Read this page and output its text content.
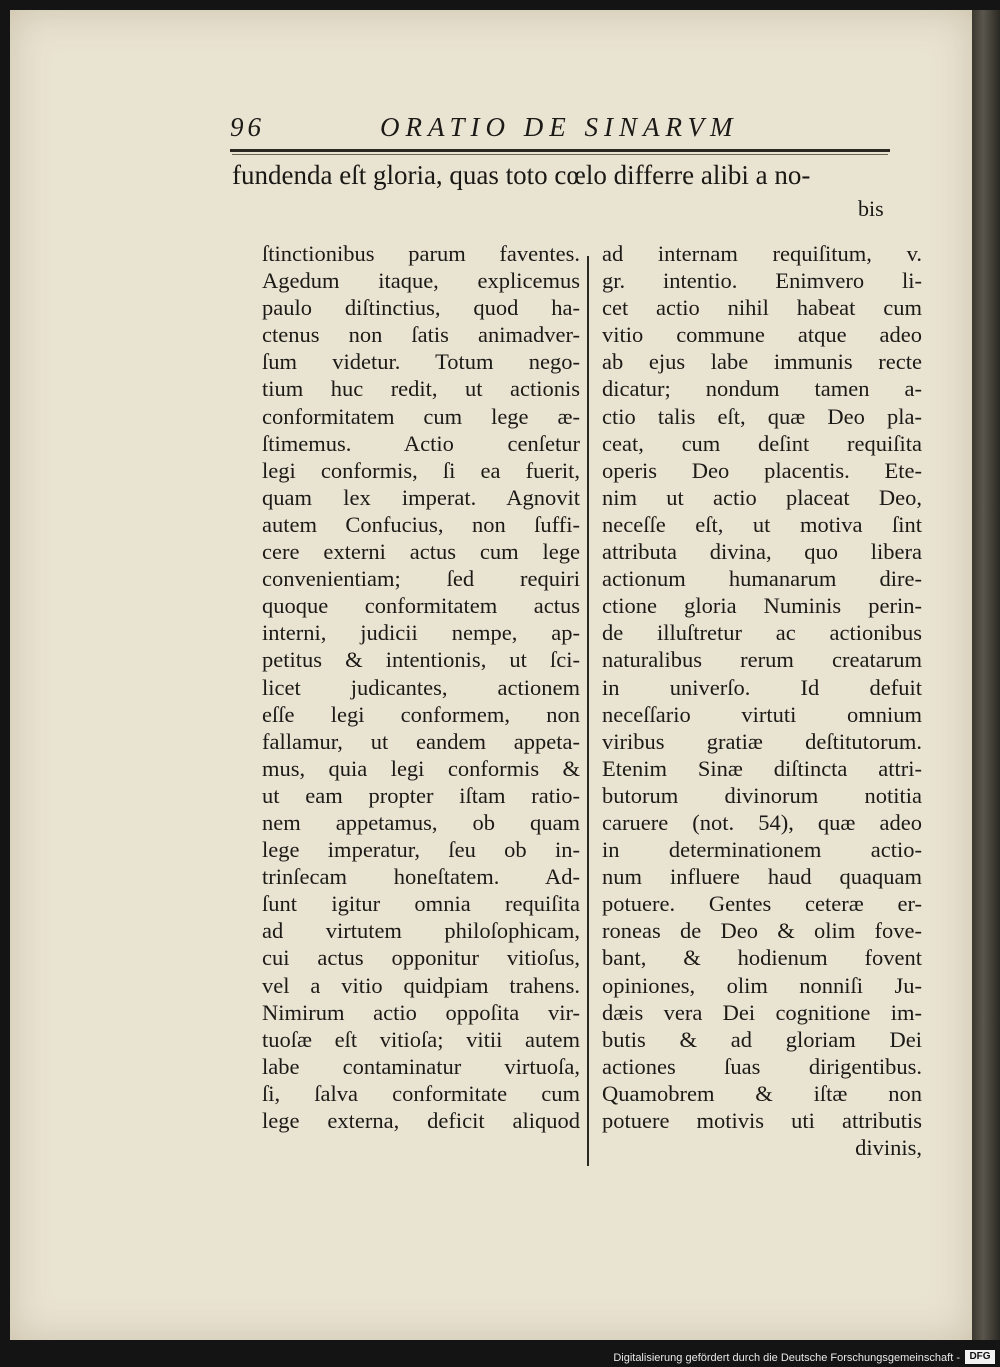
96	ORATIO DE SINARVM
fundenda eſt gloria, quas toto cœlo differre alibi a no-
bis
ſtinctionibus parum faventes.
Agedum itaque, explicemus
paulo diſtinctius, quod ha-
ctenus non ſatis animadver-
ſum videtur. Totum nego-
tium huc redit, ut actionis
conformitatem cum lege æ-
ſtimemus. Actio cenſetur
legi conformis, ſi ea fuerit,
quam lex imperat. Agnovit
autem Confucius, non ſuffi-
cere externi actus cum lege
convenientiam; ſed requiri
quoque conformitatem actus
interni, judicii nempe, ap-
petitus & intentionis, ut ſci-
licet judicantes, actionem
eſſe legi conformem, non
fallamur, ut eandem appeta-
mus, quia legi conformis &
ut eam propter iſtam ratio-
nem appetamus, ob quam
lege imperatur, ſeu ob in-
trinſecam honeſtatem. Ad-
ſunt igitur omnia requiſita
ad virtutem philoſophicam,
cui actus opponitur vitioſus,
vel a vitio quidpiam trahens.
Nimirum actio oppoſita vir-
tuoſæ eſt vitioſa; vitii autem
labe contaminatur virtuoſa,
ſi, ſalva conformitate cum
lege externa, deficit aliquod
ad internam requiſitum, v.
gr. intentio. Enimvero li-
cet actio nihil habeat cum
vitio commune atque adeo
ab ejus labe immunis recte
dicatur; nondum tamen a-
ctio talis eſt, quæ Deo pla-
ceat, cum deſint requiſita
operis Deo placentis. Ete-
nim ut actio placeat Deo,
neceſſe eſt, ut motiva ſint
attributa divina, quo libera
actionum humanarum dire-
ctione gloria Numinis perin-
de illuſtretur ac actionibus
naturalibus rerum creatarum
in univerſo. Id defuit
neceſſario virtuti omnium
viribus gratiæ deſtitutorum.
Etenim Sinæ diſtincta attri-
butorum divinorum notitia
caruere (not. 54), quæ adeo
in determinationem actio-
num influere haud quaquam
potuere. Gentes ceteræ er-
roneas de Deo & olim fove-
bant, & hodienum fovent
opiniones, olim nonniſi Ju-
dæis vera Dei cognitione im-
butis & ad gloriam Dei
actiones ſuas dirigentibus.
Quamobrem & iſtæ non
potuere motivis uti attributis
divinis,
Digitalisierung gefördert durch die Deutsche Forschungsgemeinschaft - DFG
